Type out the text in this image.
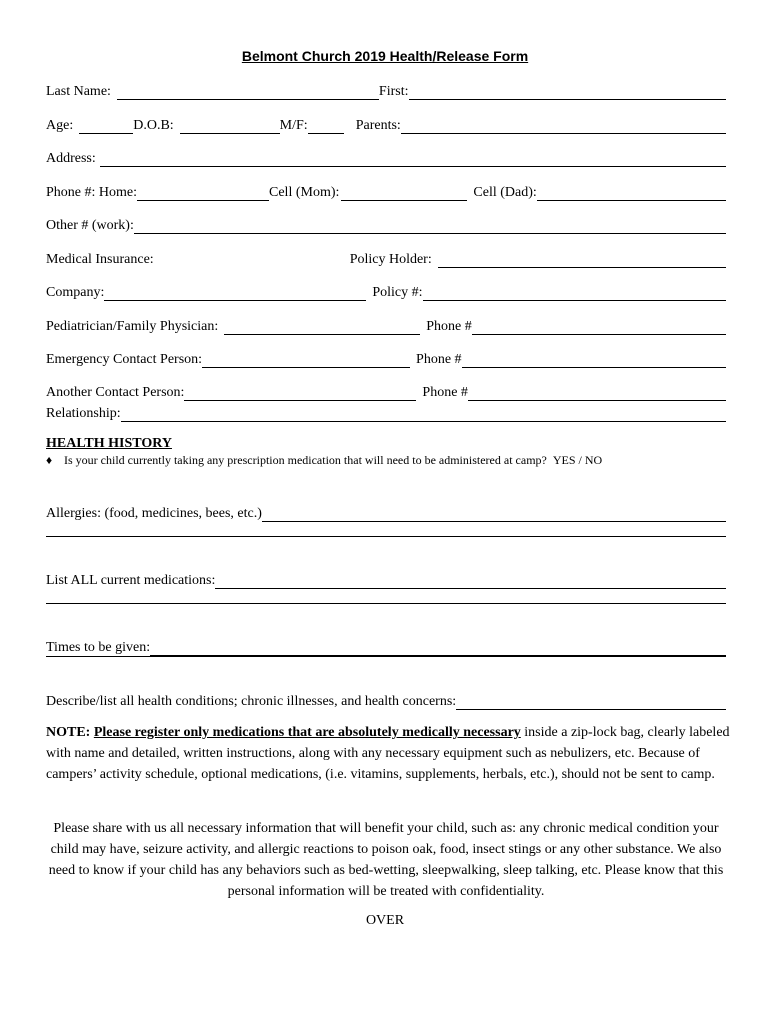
Belmont Church 2019 Health/Release Form
Last Name:	First:
Age:	D.O.B:	M/F:	Parents:
Address:
Phone #: Home:	Cell (Mom):	Cell (Dad):
Other # (work):
Medical Insurance:	Policy Holder:
Company:	Policy #:
Pediatrician/Family Physician:	Phone #
Emergency Contact Person:	Phone #
Another Contact Person:	Phone #
Relationship:
HEALTH HISTORY
♦ Is your child currently taking any prescription medication that will need to be administered at camp? YES / NO
Allergies: (food, medicines, bees, etc.)
List ALL current medications:
Times to be given:
Describe/list all health conditions; chronic illnesses, and health concerns:
NOTE: Please register only medications that are absolutely medically necessary inside a zip-lock bag, clearly labeled with name and detailed, written instructions, along with any necessary equipment such as nebulizers, etc. Because of campers’ activity schedule, optional medications, (i.e. vitamins, supplements, herbals, etc.), should not be sent to camp.
Please share with us all necessary information that will benefit your child, such as: any chronic medical condition your child may have, seizure activity, and allergic reactions to poison oak, food, insect stings or any other substance. We also need to know if your child has any behaviors such as bed-wetting, sleepwalking, sleep talking, etc. Please know that this personal information will be treated with confidentiality.
OVER
